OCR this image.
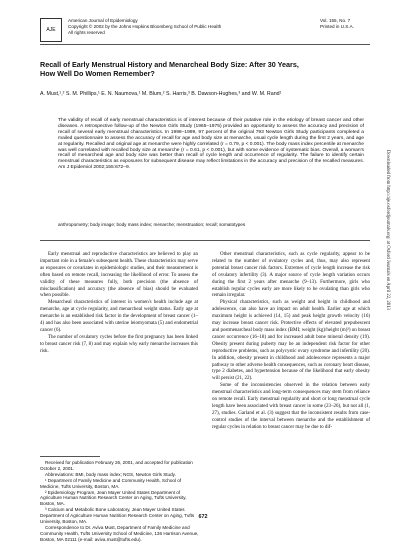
AJE
American Journal of Epidemiology
Copyright © 2002 by the Johns Hopkins Bloomberg School of Public Health
All rights reserved
Vol. 155, No. 7
Printed in U.S.A.
Recall of Early Menstrual History and Menarcheal Body Size: After 30 Years,
How Well Do Women Remember?

A. Must,¹,² S. M. Phillips,¹ E. N. Naumova,¹ M. Blum,² S. Harris,³ B. Dawson-Hughes,³ and W. M. Rand¹

The validity of recall of early menstrual characteristics is of interest because of their putative role in the etiology of breast cancer and other diseases. A retrospective follow-up of the Newton Girls Study (1965–1975) provided an opportunity to assess the accuracy and precision of recall of several early menstrual characteristics. In 1998–1999, 97 percent of the original 793 Newton Girls Study participants completed a mailed questionnaire to assess the accuracy of recall for age and body size at menarche, usual cycle length during the first 2 years, and age at regularity. Recalled and original age at menarche were highly correlated (r = 0.79, p < 0.001). The body mass index percentile at menarche was well correlated with recalled body size at menarche (r = 0.61, p < 0.001), but with some evidence of systematic bias. Overall, a woman's recall of menarcheal age and body size was better than recall of cycle length and occurrence of regularity. The failure to identify certain menstrual characteristics as exposures for subsequent disease may reflect limitations in the accuracy and precision of the recalled measures. Am J Epidemiol 2002;155:672–9.

anthropometry; body image; body mass index; menarche; menstruation; recall; somatotypes

Early menstrual and reproductive characteristics are believed to play an important role in a female's subsequent health. These characteristics may serve as exposures or covariates in epidemiologic studies, and their measurement is often based on remote recall, increasing the likelihood of error. To assess the validity of these measures fully, both precision (the absence of misclassification) and accuracy (the absence of bias) should be evaluated when possible.

Menarcheal characteristics of interest in women's health include age at menarche, age at cycle regularity, and menarcheal weight status. Early age at menarche is an established risk factor in the development of breast cancer (1–4) and has also been associated with uterine leiomyomata (5) and endometrial cancer (6).

The number of ovulatory cycles before the first pregnancy has been linked to breast cancer risk (7, 8) and may explain why early menarche increases this risk.

Other menstrual characteristics, such as cycle regularity, appear to be related to the number of ovulatory cycles and, thus, may also represent potential breast cancer risk factors. Extremes of cycle length increase the risk of ovulatory infertility (3). A major source of cycle length variation occurs during the first 2 years after menarche (9–13). Furthermore, girls who establish regular cycles early are more likely to be ovulating than girls who remain irregular.

Physical characteristics, such as weight and height in childhood and adolescence, can also have an impact on adult health. Earlier age at which maximum height is achieved (14, 15) and peak height growth velocity (16) may increase breast cancer risk. Protective effects of elevated prepubescent and postmenarcheal body mass index (BMI; weight (kg)/height (m)²) on breast cancer occurrence (16–18) and for increased adult bone mineral density (19). Obesity present during puberty may be an independent risk factor for other reproductive problems, such as polycystic ovary syndrome and infertility (20). In addition, obesity present in childhood and adolescence represents a major pathway to other adverse health consequences, such as coronary heart disease, type 2 diabetes, and hypertension because of the likelihood that early obesity will persist (21, 22).

Some of the inconsistencies observed in the relation between early menstrual characteristics and long-term consequences may stem from reliance on remote recall. Early menstrual regularity and short or long menstrual cycle length have been associated with breast cancer in some (23–26), but not all (1, 27), studies. Garland et al. (3) suggest that the inconsistent results from case-control studies of the interval between menarche and the establishment of regular cycles in relation to breast cancer may be due to dif-

Received for publication February 26, 2001, and accepted for publication October 2, 2001.

Abbreviations: BMI, body mass index; NGS, Newton Girls Study.

¹ Department of Family Medicine and Community Health, School of Medicine, Tufts University, Boston, MA.

² Epidemiology Program, Jean Mayer United States Department of Agriculture Human Nutrition Research Center on Aging, Tufts University, Boston, MA.

³ Calcium and Metabolic Bone Laboratory, Jean Mayer United States Department of Agriculture Human Nutrition Research Center on Aging, Tufts University, Boston, MA.

Correspondence to Dr. Aviva Must, Department of Family Medicine and Community Health, Tufts University School of Medicine, 136 Harrison Avenue, Boston, MA 02111 (e-mail: aviva.must@tufts.edu).

672
Downloaded from http://aje.oxfordjournals.org/ at Oxford Journals on April 22, 2013
